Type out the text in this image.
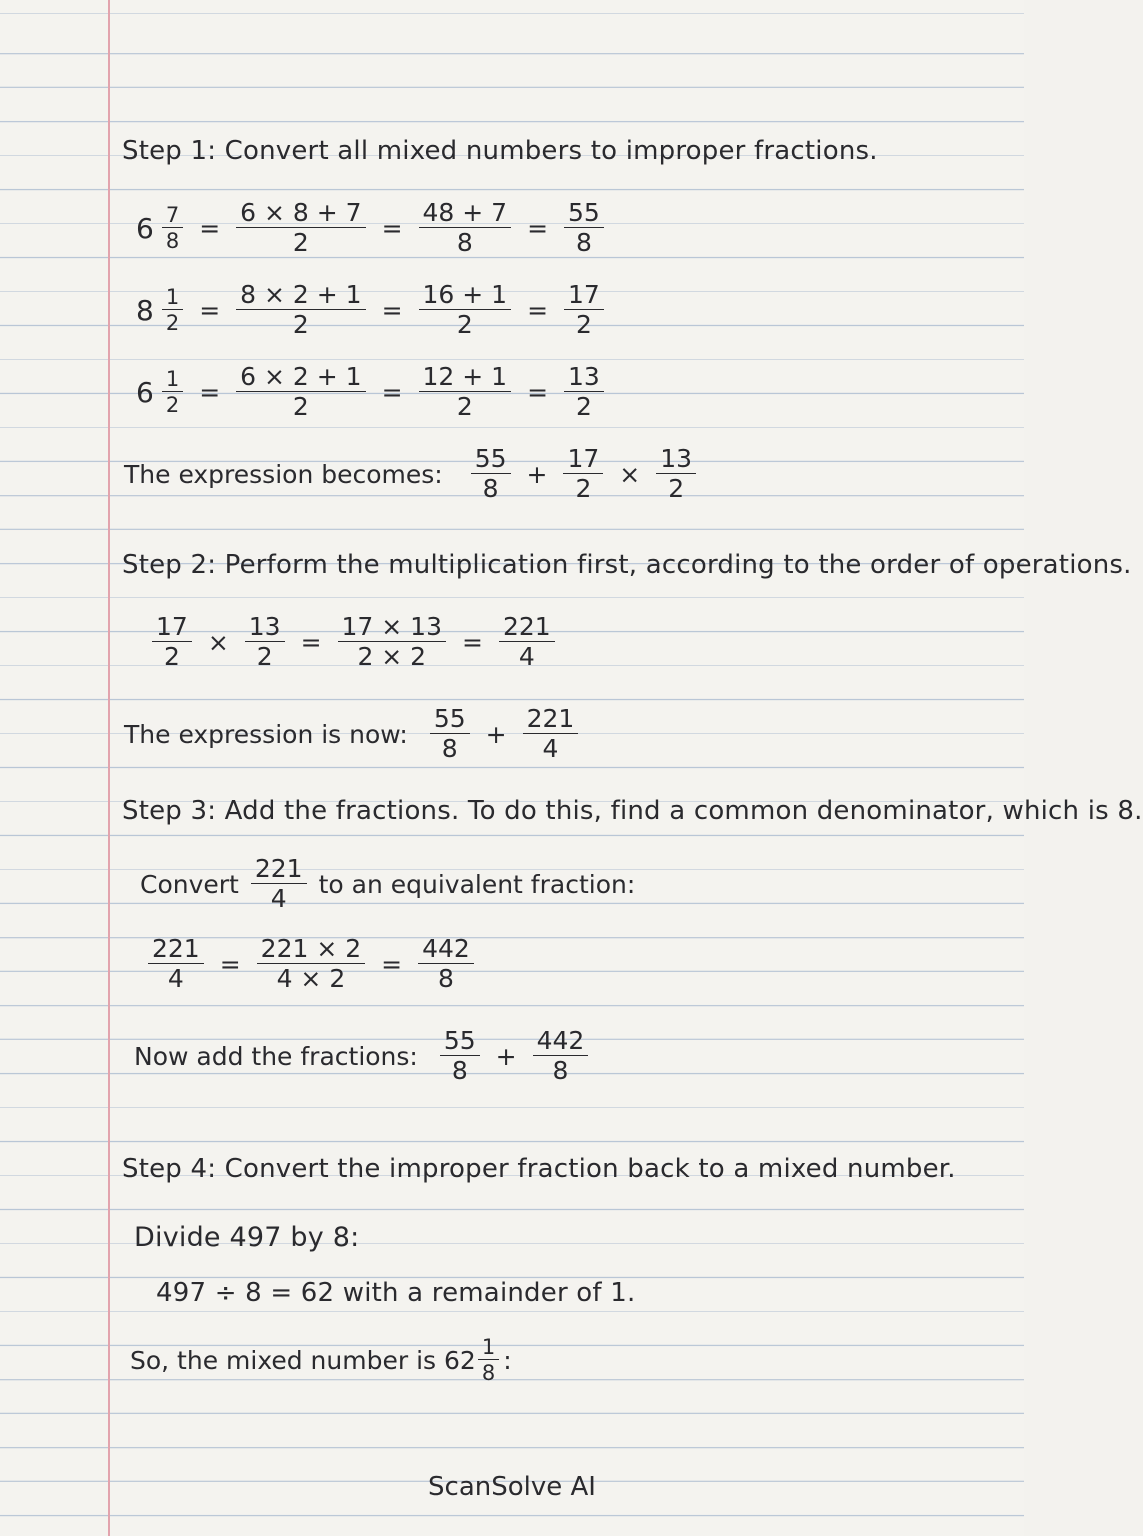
Step 1: Convert all mixed numbers to improper fractions.
$6 \frac{7}{8} = \frac{6 \times 8 + 7}{2} = \frac{48 + 7}{8} = \frac{55}{8}$
$8 \frac{1}{2} = \frac{8 \times 2 + 1}{2} = \frac{16 + 1}{2} = \frac{17}{2}$
$6 \frac{1}{2} = \frac{6 \times 2 + 1}{2} = \frac{12 + 1}{2} = \frac{13}{2}$
The expression becomes: $\frac{55}{8} + \frac{17}{2} \times \frac{13}{2}$
Step 2: Perform the multiplication first, according to the order of operations.
$\frac{17}{2} \times \frac{13}{2} = \frac{17 \times 13}{2 \times 2} = \frac{221}{4}$
The expression is now: $\frac{55}{8} + \frac{221}{4}$
Step 3: Add the fractions. To do this, find a common denominator, which is 8.
Convert $\frac{221}{4}$ to an equivalent fraction:
$\frac{221}{4} = \frac{221 \times 2}{4 \times 2} = \frac{442}{8}$
Now add the fractions: $\frac{55}{8} + \frac{442}{8}$
Step 4: Convert the improper fraction back to a mixed number.
Divide 497 by 8:
497 ÷ 8 = 62 with a remainder of 1.
So, the mixed number is $62 \frac{1}{8}$ :
ScanSolve AI
